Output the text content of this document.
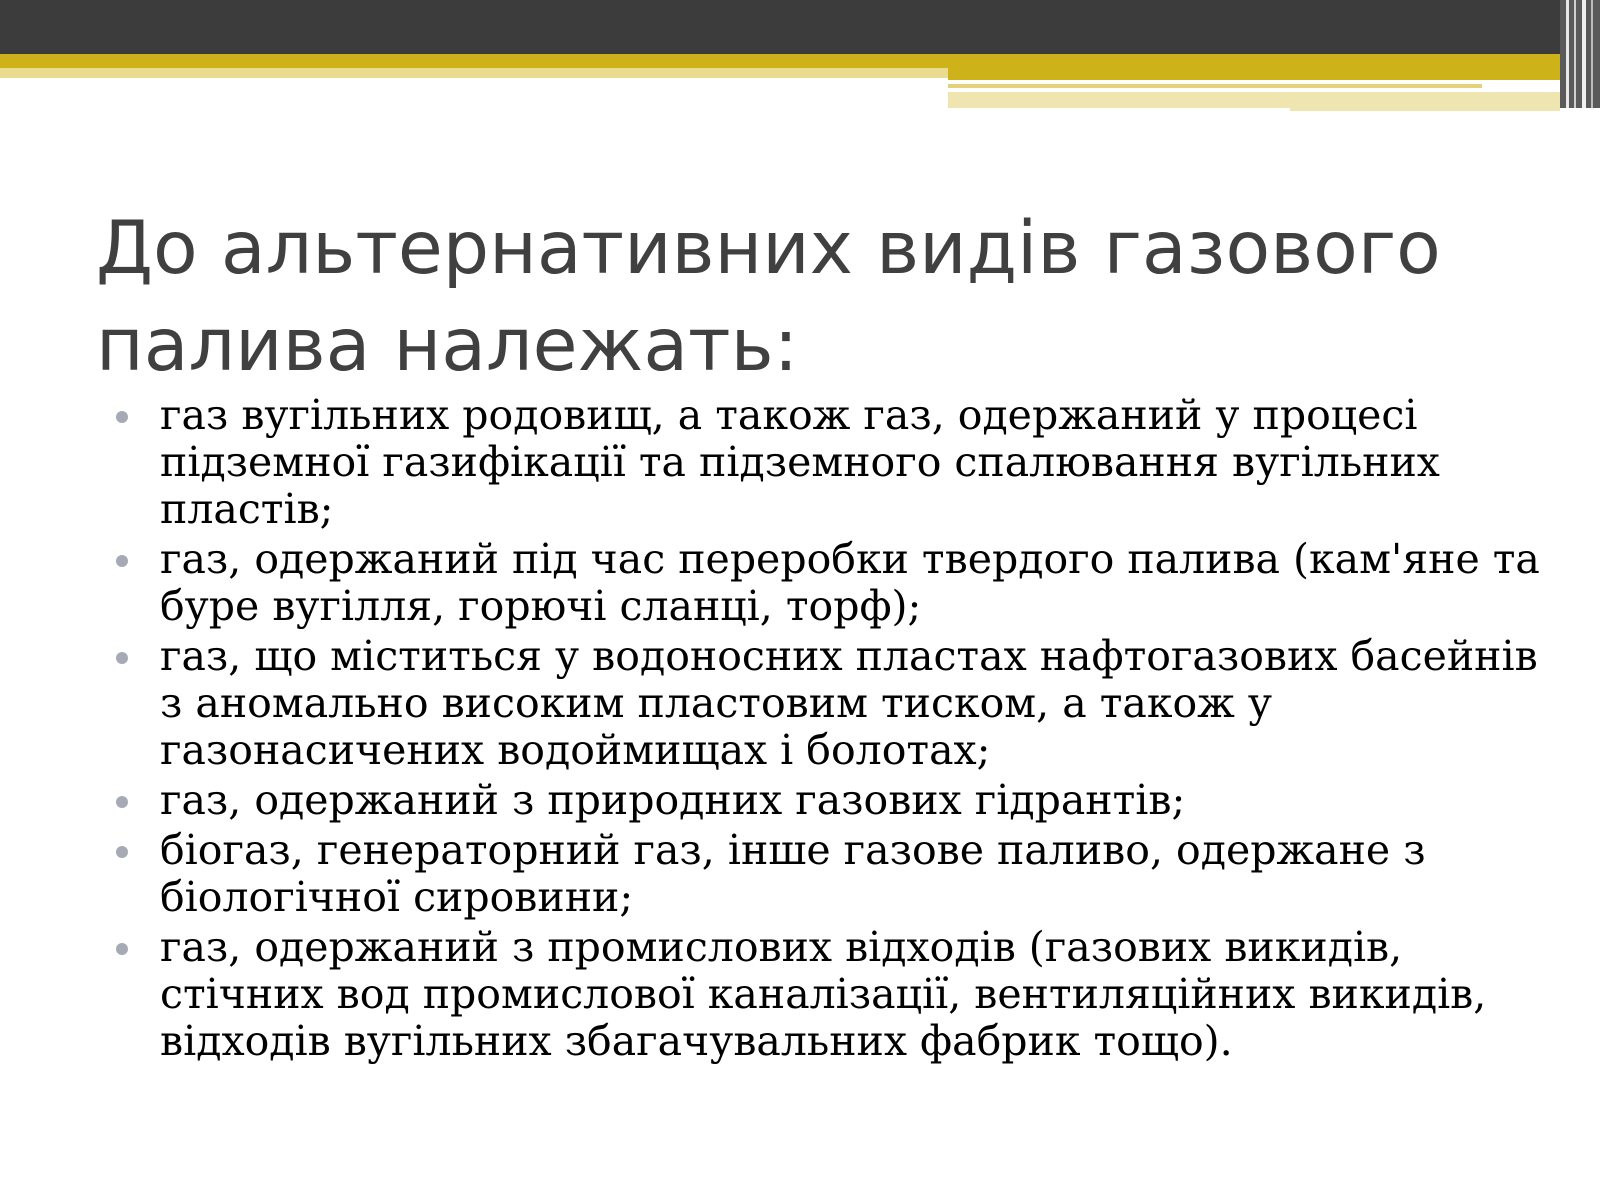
До альтернативних видів газового палива належать:
газ вугільних родовищ, а також газ, одержаний у процесі підземної газифікації та підземного спалювання вугільних пластів;
газ, одержаний під час переробки твердого палива (кам'яне та буре вугілля, горючі сланці, торф);
газ, що міститься у водоносних пластах нафтогазових басейнів з аномально високим пластовим тиском, а також у газонасичених водоймищах і болотах;
газ, одержаний з природних газових гідрантів;
біогаз, генераторний газ, інше газове паливо, одержане з біологічної сировини;
газ, одержаний з промислових відходів (газових викидів, стічних вод промислової каналізації, вентиляційних викидів, відходів вугільних збагачувальних фабрик тощо).
